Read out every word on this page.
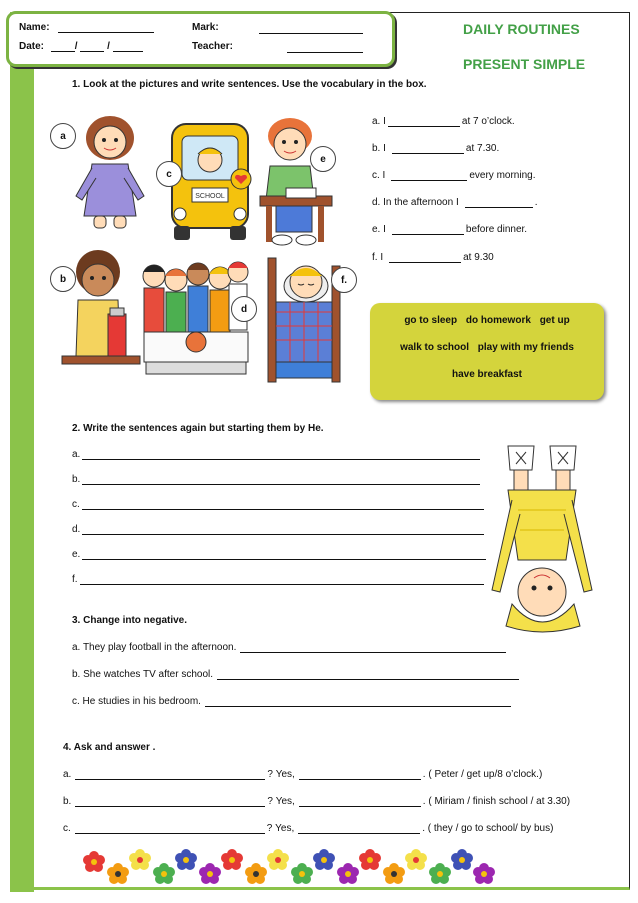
Name:	Mark:
Date:	/	/	Teacher:
DAILY ROUTINES
PRESENT SIMPLE
1. Look at the pictures and write sentences. Use the vocabulary in the box.
a
SCHOOL
c
e
b
d
f.
a. I	at 7 o’clock.
b. I	at 7.30.
c. I	every morning.
d. In the afternoon I	.
e. I	before dinner.
f. I	at 9.30
go to sleep do homework get up
walk to school play with my friends
have breakfast
2. Write the sentences again but starting them by He.
a.
b.
c.
d.
e.
f.
3. Change into negative.
a. They play football in the afternoon.
b. She watches TV after school.
c. He studies in his bedroom.
4. Ask and answer .
a.	?
Yes,	. ( Peter / get up/8 o’clock.)
b.	?
Yes,	. ( Miriam / finish school / at 3.30)
c.	?
Yes,	. ( they / go to school/ by bus)
